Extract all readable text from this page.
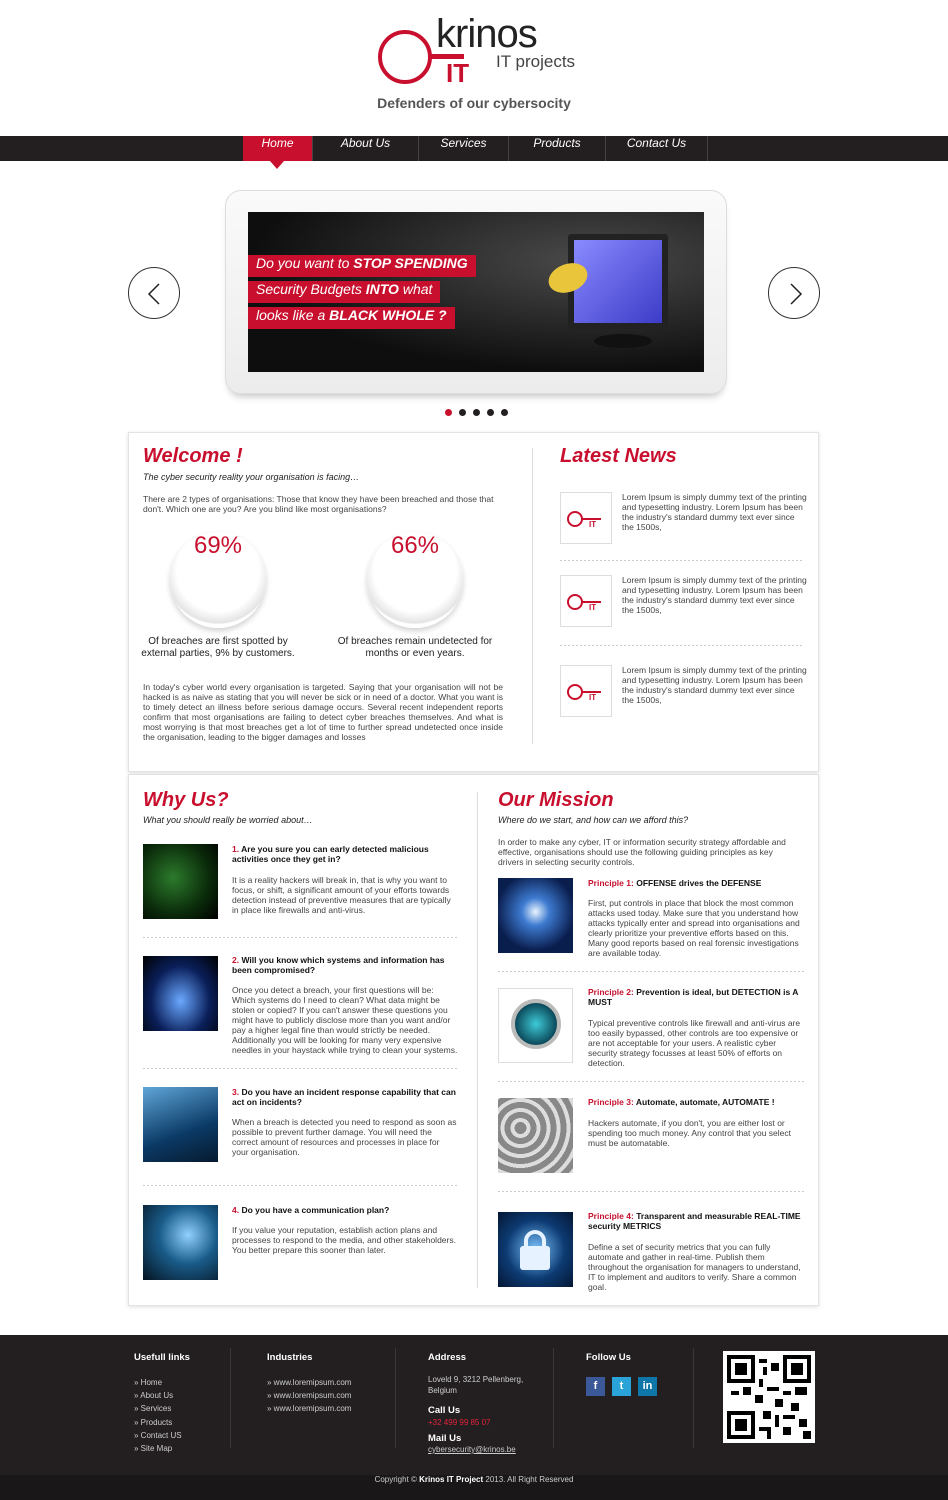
krinos
IT IT projects
Defenders of our cybersocity
Home	About Us	Services	Products	Contact Us
Do you want to STOP SPENDING
Security Budgets INTO what
looks like a BLACK WHOLE ?
Welcome !
The cyber security reality your organisation is facing…
There are 2 types of organisations: Those that know they have been breached and those that don't. Which one are you? Are you blind like most organisations?
69%
Of breaches are first spotted by external parties, 9% by customers.
66%
Of breaches remain undetected for months or even years.
In today's cyber world every organisation is targeted. Saying that your organisation will not be hacked is as naive as stating that you will never be sick or in need of a doctor. What you want is to timely detect an illness before serious damage occurs. Several recent independent reports confirm that most organisations are failing to detect cyber breaches themselves. And what is most worrying is that most breaches get a lot of time to further spread undetected once inside the organisation, leading to the bigger damages and losses
Latest News
IT
Lorem Ipsum is simply dummy text of the printing and typesetting industry. Lorem Ipsum has been the industry's standard dummy text ever since the 1500s,
IT
Lorem Ipsum is simply dummy text of the printing and typesetting industry. Lorem Ipsum has been the industry's standard dummy text ever since the 1500s,
IT
Lorem Ipsum is simply dummy text of the printing and typesetting industry. Lorem Ipsum has been the industry's standard dummy text ever since the 1500s,
Why Us?
What you should really be worried about…
1. Are you sure you can early detected malicious activities once they get in?
It is a reality hackers will break in, that is why you want to focus, or shift, a significant amount of your efforts towards detection instead of preventive measures that are typically in place like firewalls and anti-virus.
2. Will you know which systems and information has been compromised?
Once you detect a breach, your first questions will be: Which systems do I need to clean? What data might be stolen or copied? If you can't answer these questions you might have to publicly disclose more than you want and/or pay a higher legal fine than would strictly be needed. Additionally you will be looking for many very expensive needles in your haystack while trying to clean your systems.
3. Do you have an incident response capability that can act on incidents?
When a breach is detected you need to respond as soon as possible to prevent further damage. You will need the correct amount of resources and processes in place for your organisation.
4. Do you have a communication plan?
If you value your reputation, establish action plans and processes to respond to the media, and other stakeholders. You better prepare this sooner than later.
Our Mission
Where do we start, and how can we afford this?
In order to make any cyber, IT or information security strategy affordable and effective, organisations should use the following guiding principles as key drivers in selecting security controls.
Principle 1: OFFENSE drives the DEFENSE
First, put controls in place that block the most common attacks used today. Make sure that you understand how attacks typically enter and spread into organisations and clearly prioritize your preventive efforts based on this. Many good reports based on real forensic investigations are available today.
Principle 2: Prevention is ideal, but DETECTION is A MUST
Typical preventive controls like firewall and anti-virus are too easily bypassed, other controls are too expensive or are not acceptable for your users. A realistic cyber security strategy focusses at least 50% of efforts on detection.
Principle 3: Automate, automate, AUTOMATE !
Hackers automate, if you don't, you are either lost or spending too much money. Any control that you select must be automatable.
Principle 4: Transparent and measurable REAL-TIME security METRICS
Define a set of security metrics that you can fully automate and gather in real-time. Publish them throughout the organisation for managers to understand, IT to implement and auditors to verify. Share a common goal.
Usefull links
» Home
» About Us
» Services
» Products
» Contact US
» Site Map
Industries
» www.loremipsum.com
» www.loremipsum.com
» www.loremipsum.com
Address
Loveld 9, 3212 Pellenberg,
Belgium
Call Us
+32 499 99 85 07
Mail Us
cybersecurity@krinos.be
Follow Us
f	t	in
Copyright © Krinos IT Project 2013. All Right Reserved
